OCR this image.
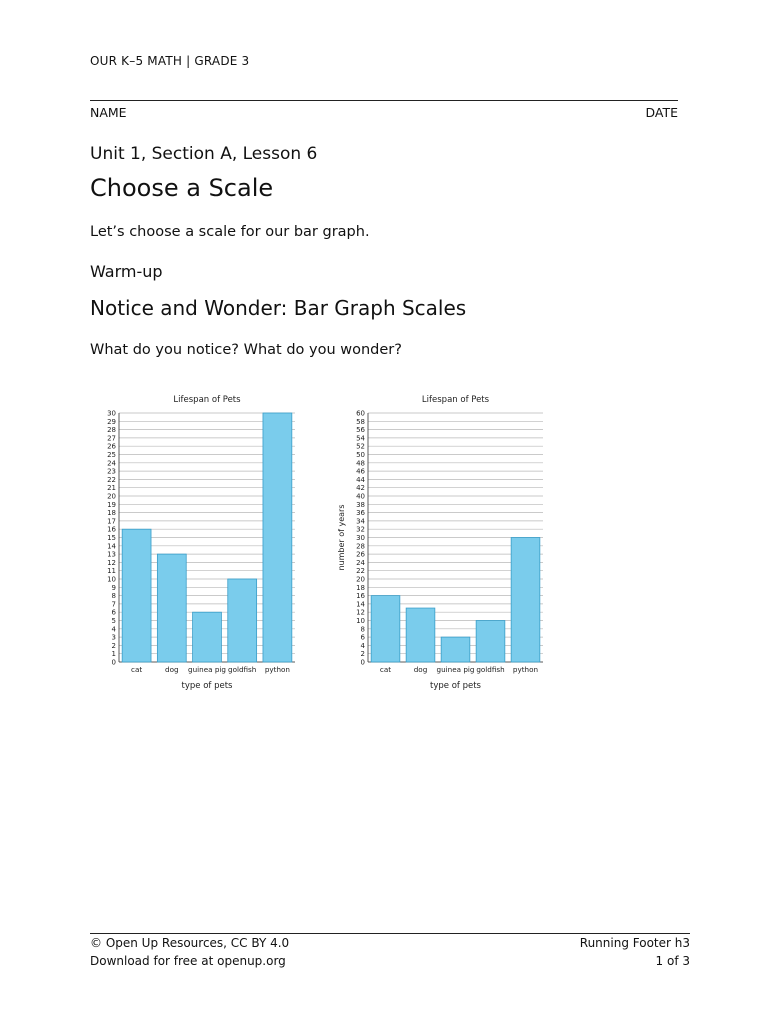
OUR K–5 MATH | GRADE 3
NAME	DATE
Unit 1, Section A, Lesson 6
Choose a Scale
Let’s choose a scale for our bar graph.
Warm-up
Notice and Wonder: Bar Graph Scales
What do you notice? What do you wonder?
Lifespan of Pets
0
1
2
3
4
5
6
7
8
9
10
11
12
13
14
15
16
17
18
19
20
21
22
23
24
25
26
27
28
29
30
cat	dog guinea pig goldfish python
type of pets
Lifespan of Pets
0
2
4
6
8
10
12
14
16
18
20
22
24
26
28
30
32
34
36
38
40
42
44
46
48
50
52
54
56
58
60
cat	dog guinea pig goldfish python
type of pets
number of years
© Open Up Resources, CC BY 4.0
Download for free at openup.org
Running Footer h3
1 of 3
